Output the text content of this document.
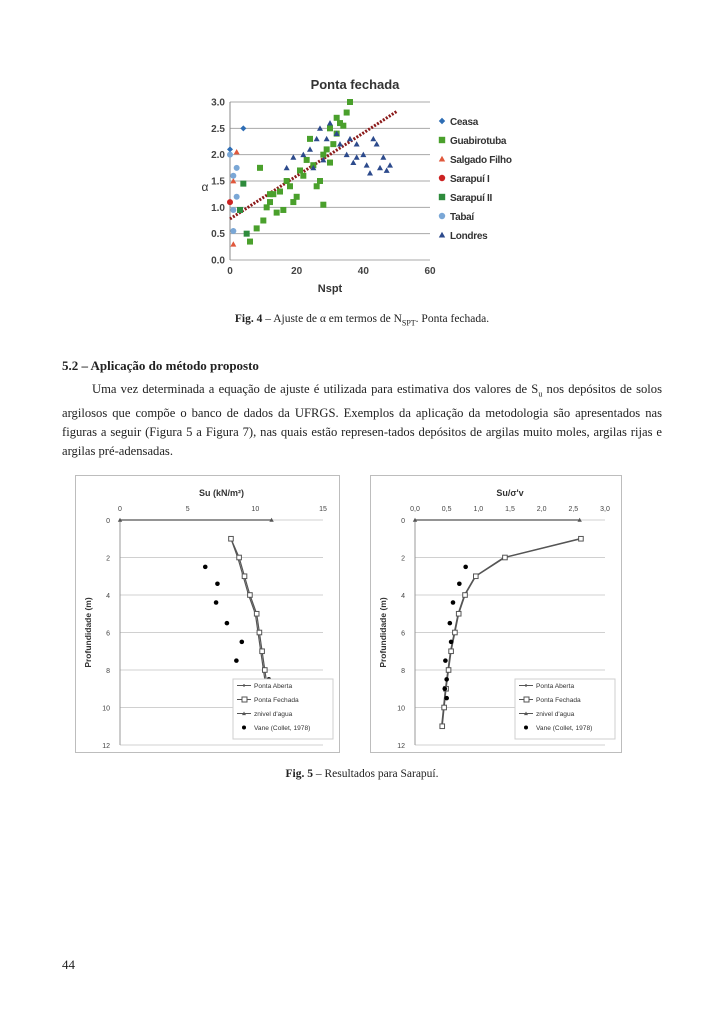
Ponta fechada
0.0
0.5
1.0
1.5
2.0
2.5
3.0
0	20	40	60
Nspt
α
Ceasa
Guabirotuba
Salgado Filho
Sarapuí I
Sarapuí II
Tabaí
Londres
Fig. 4 – Ajuste de α em termos de $N_{SPT}$. Ponta fechada.
5.2 – Aplicação do método proposto

Uma vez determinada a equação de ajuste é utilizada para estimativa dos valores de $S_u$ nos depósitos de solos argilosos que compõe o banco de dados da UFRGS. Exemplos da aplicação da metodologia são apresentados nas figuras a seguir (Figura 5 a Figura 7), nas quais estão represen-tados depósitos de argilas muito moles, argilas rijas e argilas pré-adensadas.

Su (kN/m²)
0	5	10	15
0
2
4
6
8
10
12
Profundidade (m)
Ponta Aberta
Ponta Fechada
znivel d'agua
Vane (Collet, 1978)
Su/σ'v
0,0	0,5	1,0	1,5	2,0	2,5	3,0
0
2
4
6
8
10
12
Profundidade (m)
Ponta Aberta
Ponta Fechada
znivel d'agua
Vane (Collet, 1978)
Fig. 5 – Resultados para Sarapuí.
44
